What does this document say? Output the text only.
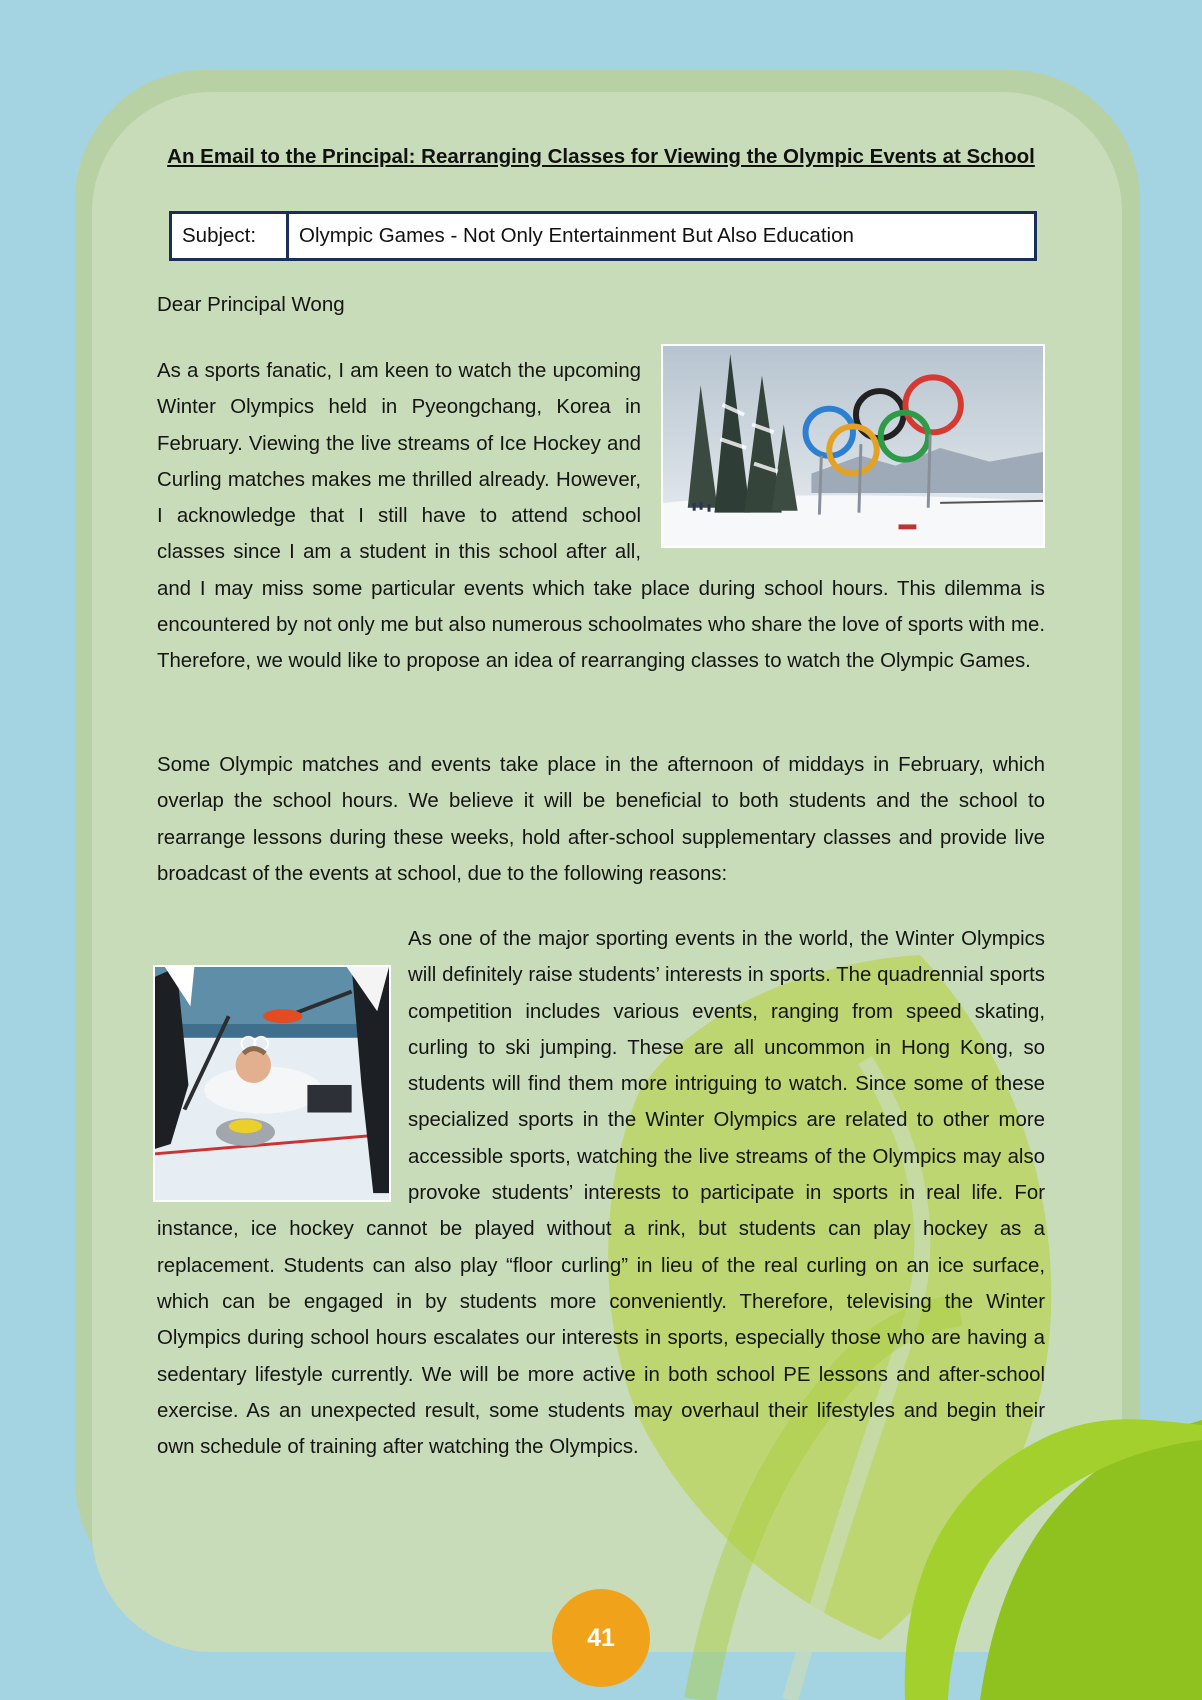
An Email to the Principal: Rearranging Classes for Viewing the Olympic Events at School
Subject:	Olympic Games - Not Only Entertainment But Also Education

Dear Principal Wong

As a sports fanatic, I am keen to watch the upcoming Winter Olympics held in Pyeongchang, Korea in February. Viewing the live streams of Ice Hockey and Curling matches makes me thrilled already. However, I acknowledge that I still have to attend school classes since I am a student in this school after all, and I may miss some particular events which take place during school hours. This dilemma is encountered by not only me but also numerous schoolmates who share the love of sports with me. Therefore, we would like to propose an idea of rearranging classes to watch the Olympic Games.

Some Olympic matches and events take place in the afternoon of middays in February, which overlap the school hours. We believe it will be beneficial to both students and the school to rearrange lessons during these weeks, hold after-school supplementary classes and provide live broadcast of the events at school, due to the following reasons:

As one of the major sporting events in the world, the Winter Olympics will definitely raise students’ interests in sports. The quadrennial sports competition includes various events, ranging from speed skating, curling to ski jumping. These are all uncommon in Hong Kong, so students will find them more intriguing to watch. Since some of these specialized sports in the Winter Olympics are related to other more accessible sports, watching the live streams of the Olympics may also provoke students’ interests to participate in sports in real life. For instance, ice hockey cannot be played without a rink, but students can play hockey as a replacement. Students can also play “floor curling” in lieu of the real curling on an ice surface, which can be engaged in by students more conveniently. Therefore, televising the Winter Olympics during school hours escalates our interests in sports, especially those who are having a sedentary lifestyle currently. We will be more active in both school PE lessons and after-school exercise. As an unexpected result, some students may overhaul their lifestyles and begin their own schedule of training after watching the Olympics.

41
